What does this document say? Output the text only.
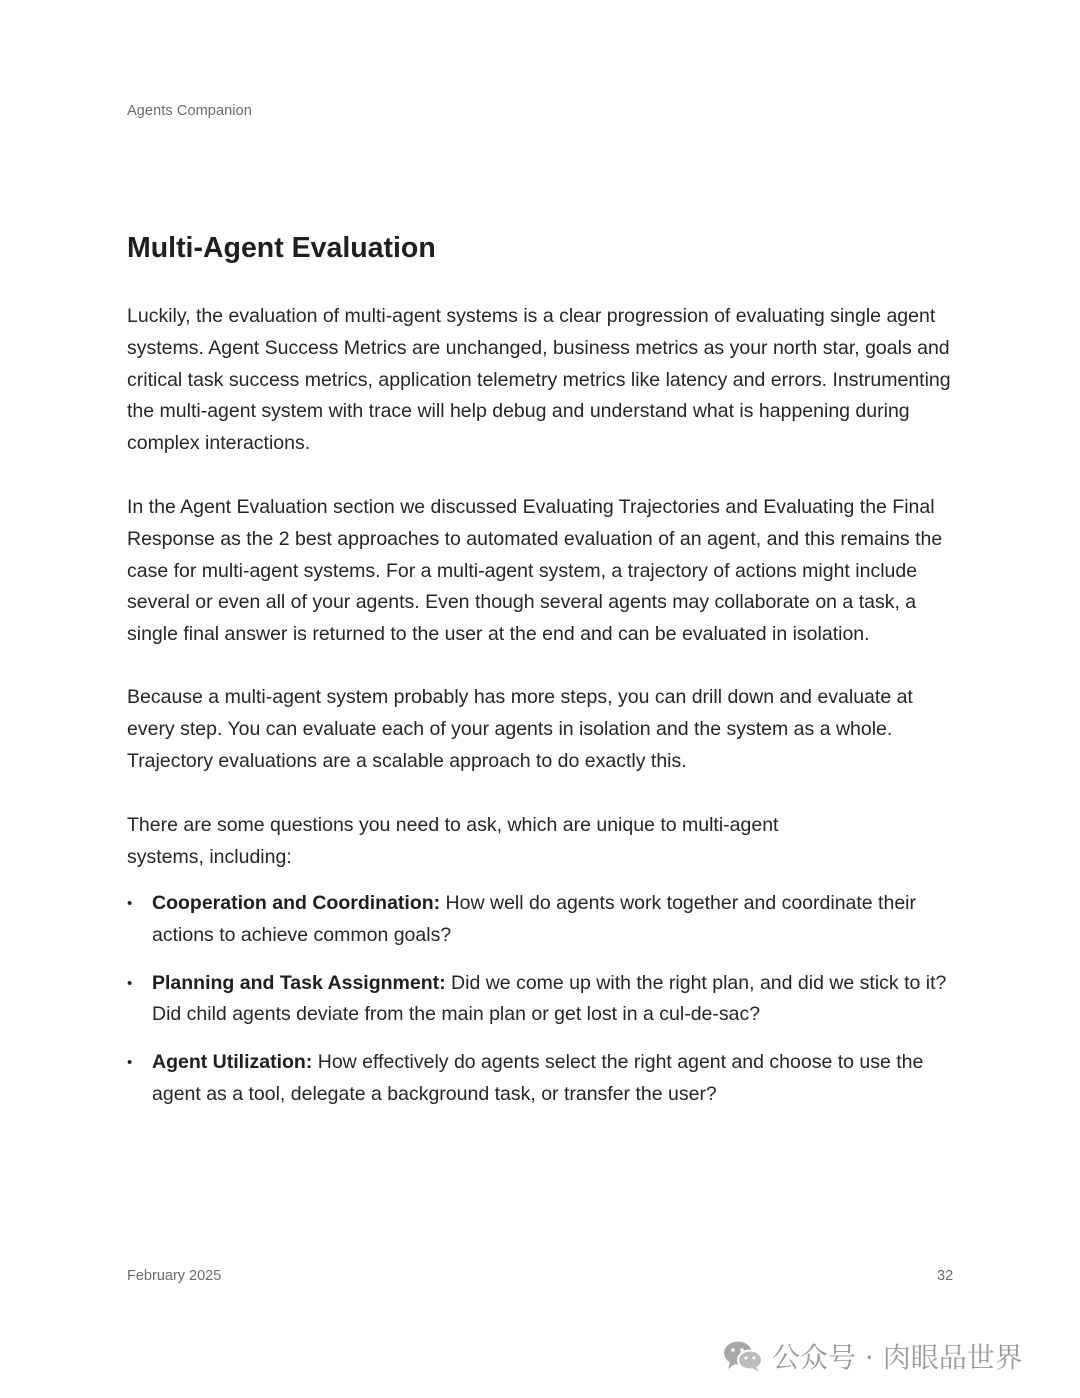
Agents Companion
Multi-Agent Evaluation

Luckily, the evaluation of multi-agent systems is a clear progression of evaluating single agent systems. Agent Success Metrics are unchanged, business metrics as your north star, goals and critical task success metrics, application telemetry metrics like latency and errors. Instrumenting the multi-agent system with trace will help debug and understand what is happening during complex interactions.

In the Agent Evaluation section we discussed Evaluating Trajectories and Evaluating the Final Response as the 2 best approaches to automated evaluation of an agent, and this remains the case for multi-agent systems. For a multi-agent system, a trajectory of actions might include several or even all of your agents. Even though several agents may collaborate on a task, a single final answer is returned to the user at the end and can be evaluated in isolation.

Because a multi-agent system probably has more steps, you can drill down and evaluate at every step. You can evaluate each of your agents in isolation and the system as a whole. Trajectory evaluations are a scalable approach to do exactly this.

There are some questions you need to ask, which are unique to multi-agent systems, including:

• Cooperation and Coordination: How well do agents work together and coordinate their actions to achieve common goals?
• Planning and Task Assignment: Did we come up with the right plan, and did we stick to it? Did child agents deviate from the main plan or get lost in a cul-de-sac?
• Agent Utilization: How effectively do agents select the right agent and choose to use the agent as a tool, delegate a background task, or transfer the user?
February 2025	32
公众号 · 肉眼品世界
